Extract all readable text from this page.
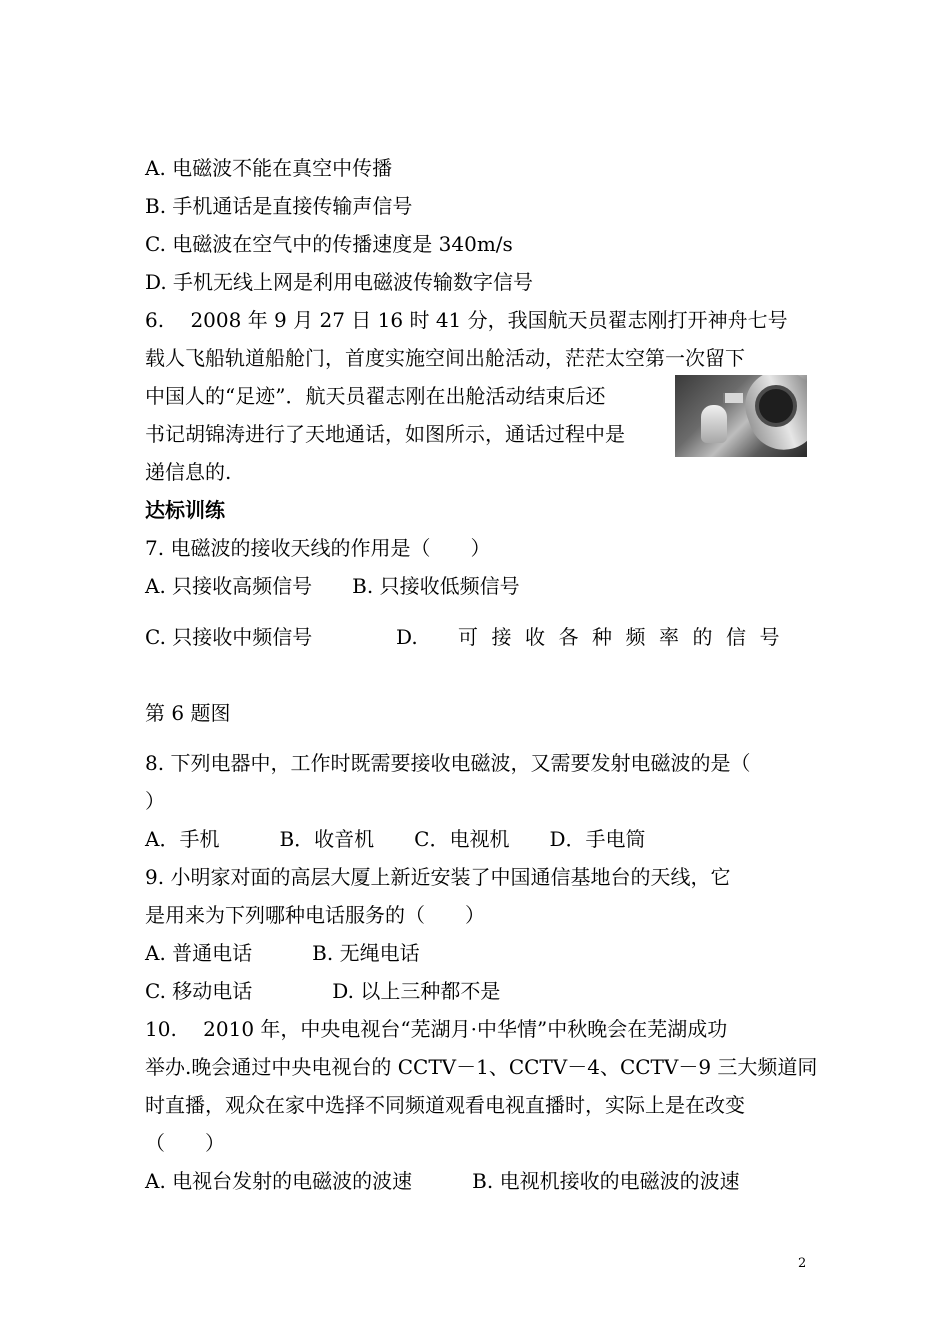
A. 电磁波不能在真空中传播
B. 手机通话是直接传输声信号
C. 电磁波在空气中的传播速度是 340m/s
D. 手机无线上网是利用电磁波传输数字信号
6.　 2008 年 9 月 27 日 16 时 41 分，我国航天员翟志刚打开神舟七号
载人飞船轨道船舱门，首度实施空间出舱活动，茫茫太空第一次留下
中国人的“足迹”．航天员翟志刚在出舱活动结束后还
书记胡锦涛进行了天地通话，如图所示，通话过程中是
递信息的.
达标训练
7. 电磁波的接收天线的作用是（　　）
A. 只接收高频信号　　B. 只接收低频信号
C. 只接收中频信号	D. 可接收各种频率的信号
第 6 题图
8. 下列电器中，工作时既需要接收电磁波，又需要发射电磁波的是（
）
A．手机　　　B．收音机　　C．电视机　　D．手电筒
9. 小明家对面的高层大厦上新近安装了中国通信基地台的天线，它
是用来为下列哪种电话服务的（　　）
A. 普通电话　　　B. 无绳电话
C. 移动电话　　　　D. 以上三种都不是
10.　 2010 年，中央电视台“芜湖月·中华情”中秋晚会在芜湖成功
举办.晚会通过中央电视台的 CCTV－1、CCTV－4、CCTV－9 三大频道同
时直播，观众在家中选择不同频道观看电视直播时，实际上是在改变
（　　）
A. 电视台发射的电磁波的波速　　　B. 电视机接收的电磁波的波速
2
